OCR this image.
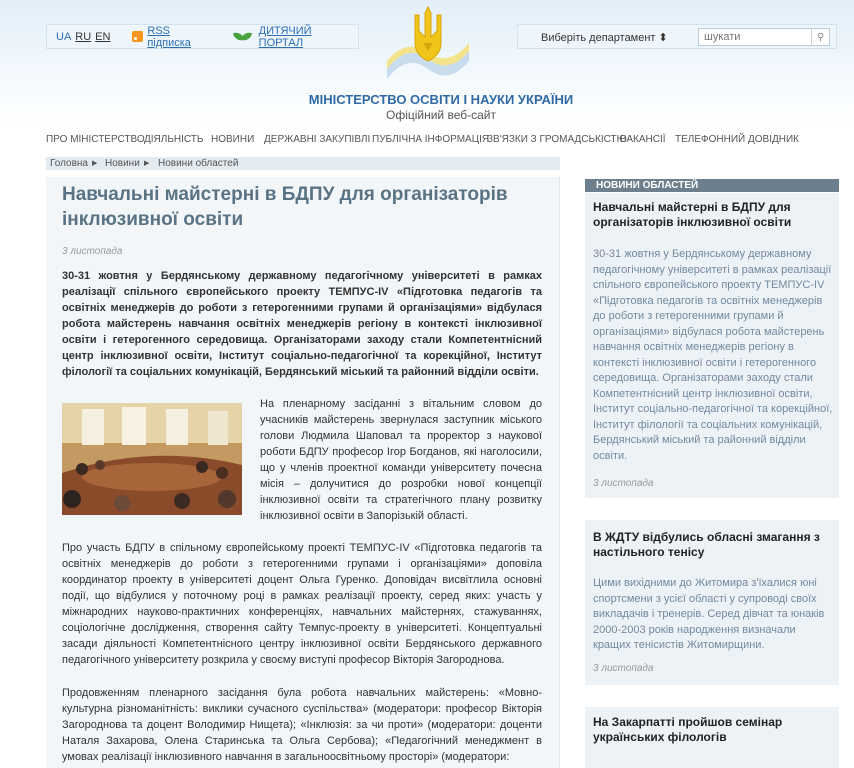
UA RU EN	RSS підписка
ДИТЯЧИЙ ПОРТАЛ	Виберіть департамент ⬍
шукати	⚲
МІНІСТЕРСТВО ОСВІТИ І НАУКИ УКРАЇНИ
Офіційний веб-сайт
ПРО МІНІСТЕРСТВО ДІЯЛЬНІСТЬ НОВИНИ ДЕРЖАВНІ ЗАКУПІВЛІ ПУБЛІЧНА ІНФОРМАЦІЯ
ЗВ'ЯЗКИ З ГРОМАДСЬКІСТЮ
ВАКАНСІЇ ТЕЛЕФОННИЙ ДОВІДНИК
Головна ▶ Новини ▶ Новини областей
Навчальні майстерні в БДПУ для організаторів інклюзивної освіти
3 листопада
30-31 жовтня у Бердянському державному педагогічному університеті в рамках реалізації спільного європейського проекту ТЕМПУС-IV «Підготовка педагогів та освітніх менеджерів до роботи з гетерогенними групами й організаціями» відбулася робота майстерень навчання освітніх менеджерів регіону в контексті інклюзивної освіти і гетерогенного середовища. Організаторами заходу стали Компетентнісний центр інклюзивної освіти, Інститут соціально-педагогічної та корекційної, Інститут філології та соціальних комунікацій, Бердянський міський та районний відділи освіти.
На пленарному засіданні з вітальним словом до учасників майстерень звернулася заступник міського голови Людмила Шаповал та проректор з наукової роботи БДПУ професор Ігор Богданов, які наголосили, що у членів проектної команди університету почесна місія – долучитися до розробки нової концепції інклюзивної освіти та стратегічного плану розвитку інклюзивної освіти в Запорізькій області.
Про участь БДПУ в спільному європейському проекті ТЕМПУС-IV «Підготовка педагогів та освітніх менеджерів до роботи з гетерогенними групами і організаціями» доповіла координатор проекту в університеті доцент Ольга Гуренко. Доповідач висвітлила основні події, що відбулися у поточному році в рамках реалізації проекту, серед яких: участь у міжнародних науково-практичних конференціях, навчальних майстернях, стажуваннях, соціологічне дослідження, створення сайту Темпус-проекту в університеті. Концептуальні засади діяльності Компетентнісного центру інклюзивної освіти Бердянського державного педагогічного університету розкрила у своєму виступі професор Вікторія Загороднова.
Продовженням пленарного засідання була робота навчальних майстерень: «Мовно-культурна різноманітність: виклики сучасного суспільства» (модератори: професор Вікторія Загороднова та доцент Володимир Нищета); «Інклюзія: за чи проти» (модератори: доценти Наталя Захарова, Олена Старинська та Ольга Сербова); «Педагогічний менеджмент в умовах реалізації інклюзивного навчання в загальноосвітньому просторі» (модератори:
НОВИНИ ОБЛАСТЕЙ
Навчальні майстерні в БДПУ для організаторів інклюзивної освіти
30-31 жовтня у Бердянському державному педагогічному університеті в рамках реалізації спільного європейського проекту ТЕМПУС-IV «Підготовка педагогів та освітніх менеджерів до роботи з гетерогенними групами й організаціями» відбулася робота майстерень навчання освітніх менеджерів регіону в контексті інклюзивної освіти і гетерогенного середовища. Організаторами заходу стали Компетентнісний центр інклюзивної освіти, Інститут соціально-педагогічної та корекційної, Інститут філології та соціальних комунікацій, Бердянський міський та районний відділи освіти.
3 листопада
В ЖДТУ відбулись обласні змагання з настільного тенісу
Цими вихідними до Житомира з'їхалися юні спортсмени з усієї області у супроводі своїх викладачів і тренерів. Серед дівчат та юнаків 2000-2003 років народження визначали кращих тенісистів Житомирщини.
3 листопада
На Закарпатті пройшов семінар українських філологів
